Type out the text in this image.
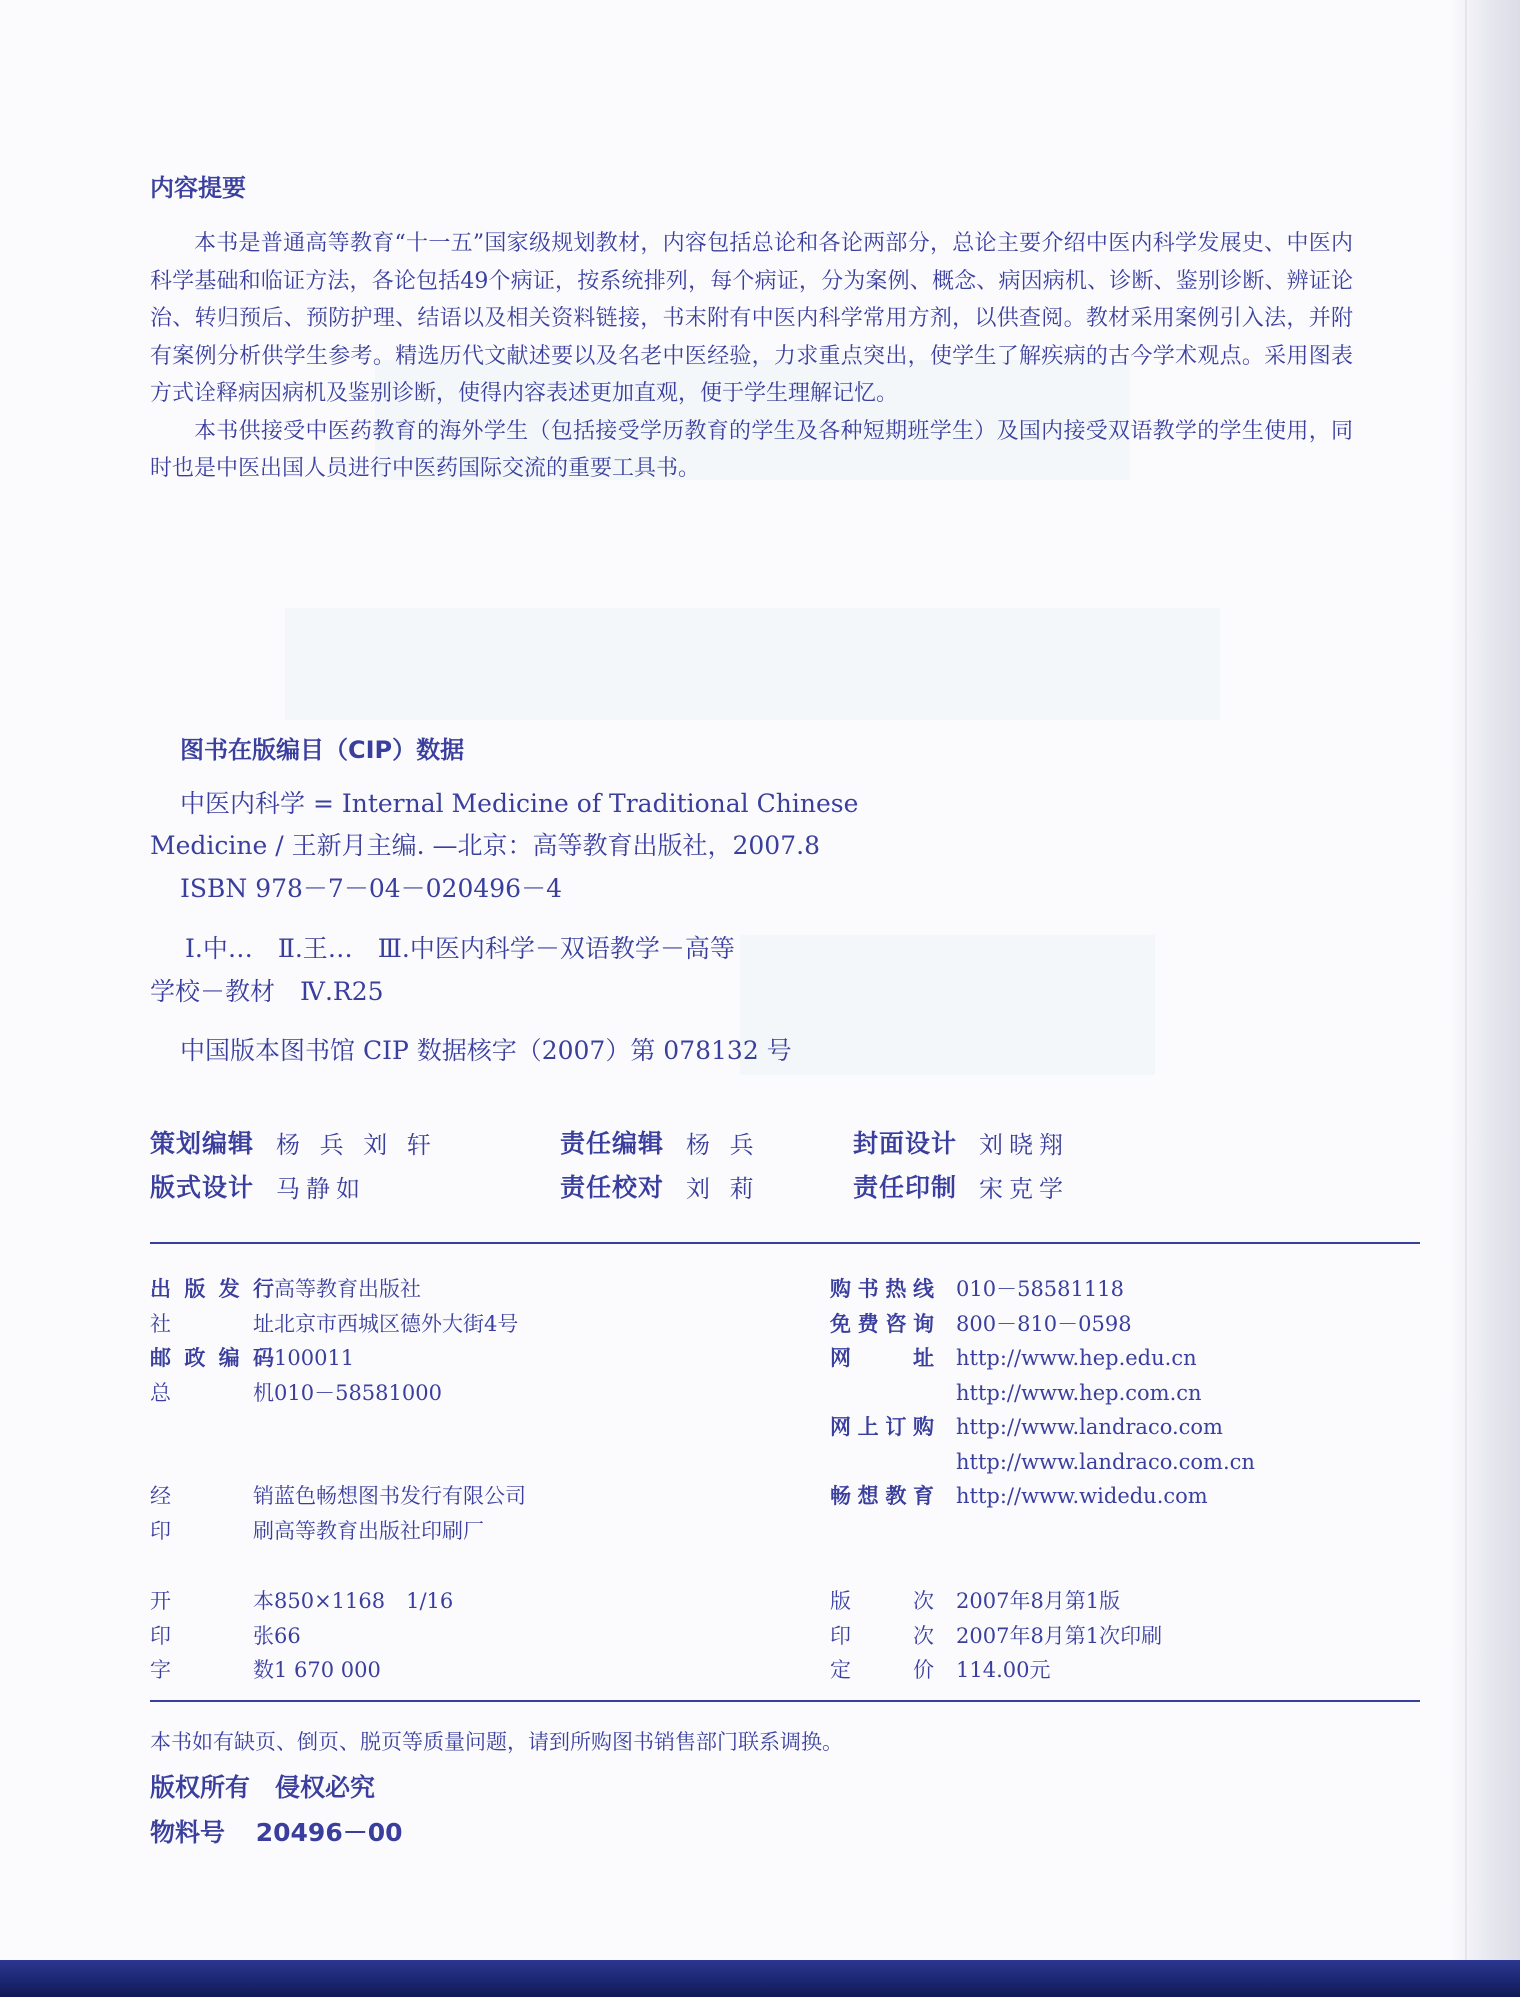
内容提要

本书是普通高等教育“十一五”国家级规划教材，内容包括总论和各论两部分，总论主要介绍中医内科学发展史、中医内科学基础和临证方法，各论包括49个病证，按系统排列，每个病证，分为案例、概念、病因病机、诊断、鉴别诊断、辨证论治、转归预后、预防护理、结语以及相关资料链接，书末附有中医内科学常用方剂，以供查阅。教材采用案例引入法，并附有案例分析供学生参考。精选历代文献述要以及名老中医经验，力求重点突出，使学生了解疾病的古今学术观点。采用图表方式诠释病因病机及鉴别诊断，使得内容表述更加直观，便于学生理解记忆。

本书供接受中医药教育的海外学生（包括接受学历教育的学生及各种短期班学生）及国内接受双语教学的学生使用，同时也是中医出国人员进行中医药国际交流的重要工具书。

图书在版编目（CIP）数据
中医内科学 = Internal Medicine of Traditional Chinese
Medicine / 王新月主编. —北京：高等教育出版社，2007.8
ISBN 978－7－04－020496－4
Ⅰ.中…　Ⅱ.王…　Ⅲ.中医内科学－双语教学－高等
学校－教材　Ⅳ.R25
中国版本图书馆 CIP 数据核字（2007）第 078132 号
策划编辑 杨 兵 刘 轩	责任编辑 杨 兵	封面设计 刘晓翔
版式设计 马静如	责任校对 刘 莉	责任印制 宋克学
出版发行 高等教育出版社
社址 北京市西城区德外大街4号
邮政编码 100011
总机 010－58581000
经销 蓝色畅想图书发行有限公司
印刷 高等教育出版社印刷厂
购书热线 010－58581118
免费咨询 800－810－0598
网址 http://www.hep.edu.cn
http://www.hep.com.cn
网上订购 http://www.landraco.com
http://www.landraco.com.cn
畅想教育 http://www.widedu.com
开本 850×1168　1/16
印张 66
字数 1 670 000
版次 2007年8月第1版
印次 2007年8月第1次印刷
定价 114.00元
本书如有缺页、倒页、脱页等质量问题，请到所购图书销售部门联系调换。
版权所有　侵权必究
物料号 20496－00
